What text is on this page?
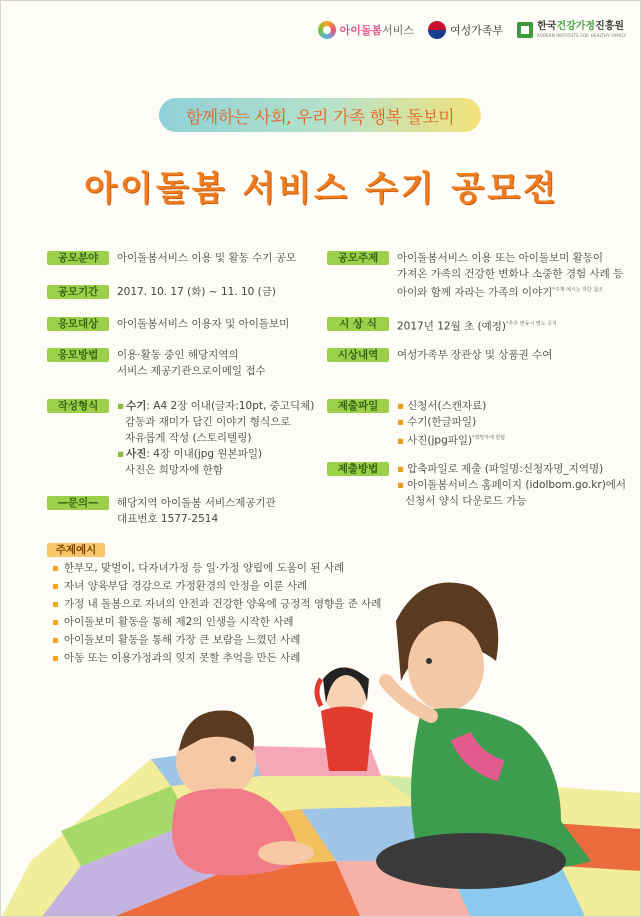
아이돌봄서비스	여성가족부	한국건강가정진흥원
KOREAN INSTITUTE FOR HEALTHY FAMILY
함께하는 사회, 우리 가족 행복 돌보미
아이돌봄 서비스 수기 공모전
공모분야	아이돌봄서비스 이용 및 활동 수기 공모
공모기간	2017. 10. 17 (화) ~ 11. 10 (금)
응모대상	아이돌봄서비스 이용자 및 아이돌보미
응모방법	이용·활동 중인 해당지역의
서비스 제공기관으로이메일 접수
작성형식	▪ 수기: A4 2장 이내(글자:10pt, 중고딕체)
감동과 재미가 담긴 이야기 형식으로
자유롭게 작성 (스토리텔링)
▪ 사진: 4장 이내(jpg 원본파일)
사진은 희망자에 한함
—문의—	해당지역 아이돌봄 서비스제공기관
대표번호 1577-2514
공모주제	아이돌봄서비스 이용 또는 아이돌보미 활동이
가져온 가족의 건강한 변화나 소중한 경험 사례 등
아이와 함께 자라는 가족의 이야기$^{*주제 예시는 하단 참조}$
시 상 식	2017년 12월 초 (예정)$^{*추후 변동시 별도 공지}$
시상내역	여성가족부 장관상 및 상품권 수여
제출파일	▪ 신청서(스캔자료)
▪ 수기(한글파일)
▪ 사진(jpg파일)$^{*희망자에 한함}$
제출방법	▪ 압축파일로 제출 (파일명:신청자명_지역명)
▪ 아이돌봄서비스 홈페이지 (idolbom.go.kr)에서
신청서 양식 다운로드 가능
주제예시
한부모, 맞벌이, 다자녀가정 등 일·가정 양립에 도움이 된 사례
자녀 양육부담 경감으로 가정환경의 안정을 이룬 사례
가정 내 돌봄으로 자녀의 안전과 건강한 양육에 긍정적 영향을 준 사례
아이돌보미 활동을 통해 제2의 인생을 시작한 사례
아이돌보미 활동을 통해 가장 큰 보람을 느꼈던 사례
아동 또는 이용가정과의 잊지 못할 추억을 만든 사례
